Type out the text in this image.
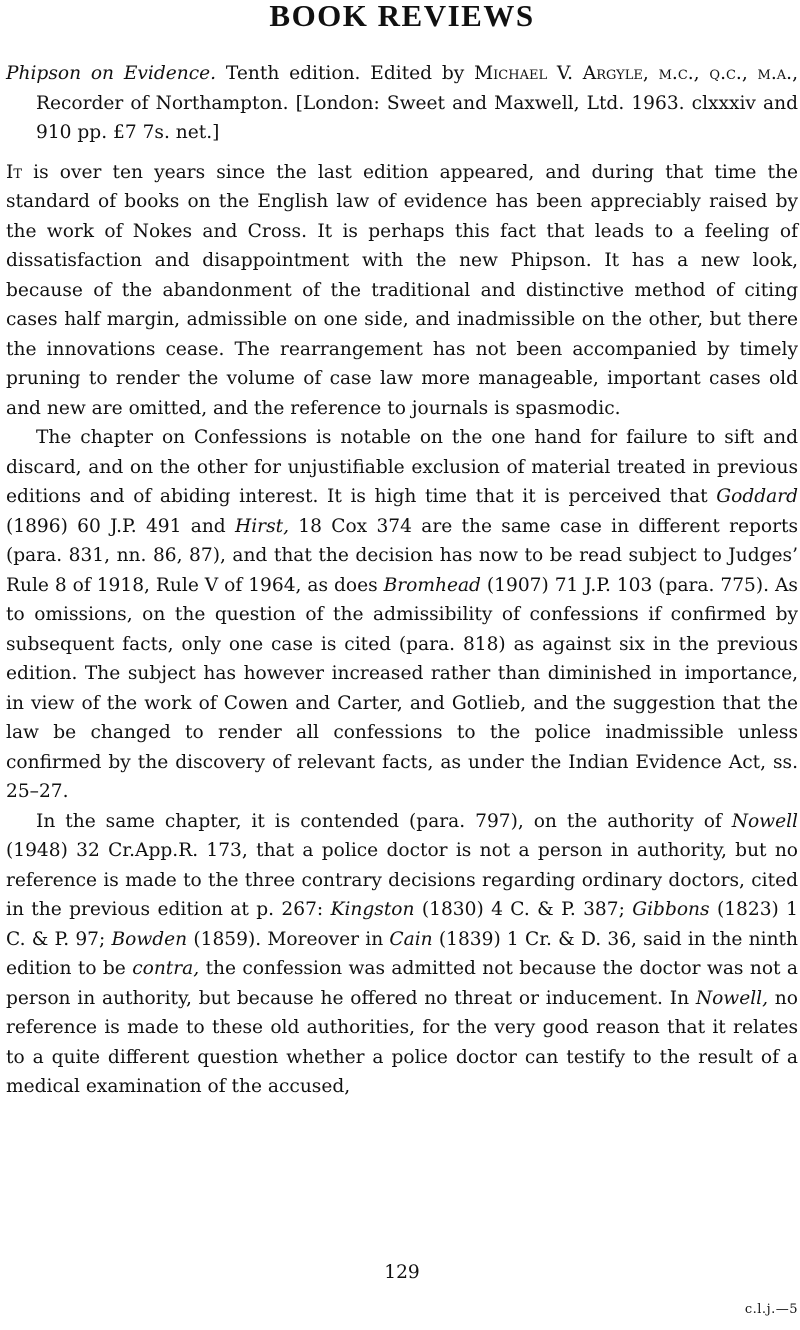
BOOK REVIEWS
Phipson on Evidence. Tenth edition. Edited by Michael V. Argyle, m.c., q.c., m.a., Recorder of Northampton. [London: Sweet and Maxwell, Ltd. 1963. clxxxiv and 910 pp. £7 7s. net.]

It is over ten years since the last edition appeared, and during that time the standard of books on the English law of evidence has been appreciably raised by the work of Nokes and Cross. It is perhaps this fact that leads to a feeling of dissatisfaction and disappointment with the new Phipson. It has a new look, because of the abandonment of the traditional and distinctive method of citing cases half margin, admissible on one side, and inadmissible on the other, but there the innovations cease. The rearrangement has not been accompanied by timely pruning to render the volume of case law more manageable, important cases old and new are omitted, and the reference to journals is spasmodic.

The chapter on Confessions is notable on the one hand for failure to sift and discard, and on the other for unjustifiable exclusion of material treated in previous editions and of abiding interest. It is high time that it is perceived that Goddard (1896) 60 J.P. 491 and Hirst, 18 Cox 374 are the same case in different reports (para. 831, nn. 86, 87), and that the decision has now to be read subject to Judges’ Rule 8 of 1918, Rule V of 1964, as does Bromhead (1907) 71 J.P. 103 (para. 775). As to omissions, on the question of the admissibility of confessions if confirmed by subsequent facts, only one case is cited (para. 818) as against six in the previous edition. The subject has however increased rather than diminished in importance, in view of the work of Cowen and Carter, and Gotlieb, and the suggestion that the law be changed to render all confessions to the police inadmissible unless confirmed by the discovery of relevant facts, as under the Indian Evidence Act, ss. 25–27.

In the same chapter, it is contended (para. 797), on the authority of Nowell (1948) 32 Cr.App.R. 173, that a police doctor is not a person in authority, but no reference is made to the three contrary decisions regarding ordinary doctors, cited in the previous edition at p. 267: Kingston (1830) 4 C. & P. 387; Gibbons (1823) 1 C. & P. 97; Bowden (1859). Moreover in Cain (1839) 1 Cr. & D. 36, said in the ninth edition to be contra, the confession was admitted not because the doctor was not a person in authority, but because he offered no threat or inducement. In Nowell, no reference is made to these old authorities, for the very good reason that it relates to a quite different question whether a police doctor can testify to the result of a medical examination of the accused,

129
c.l.j.—5
